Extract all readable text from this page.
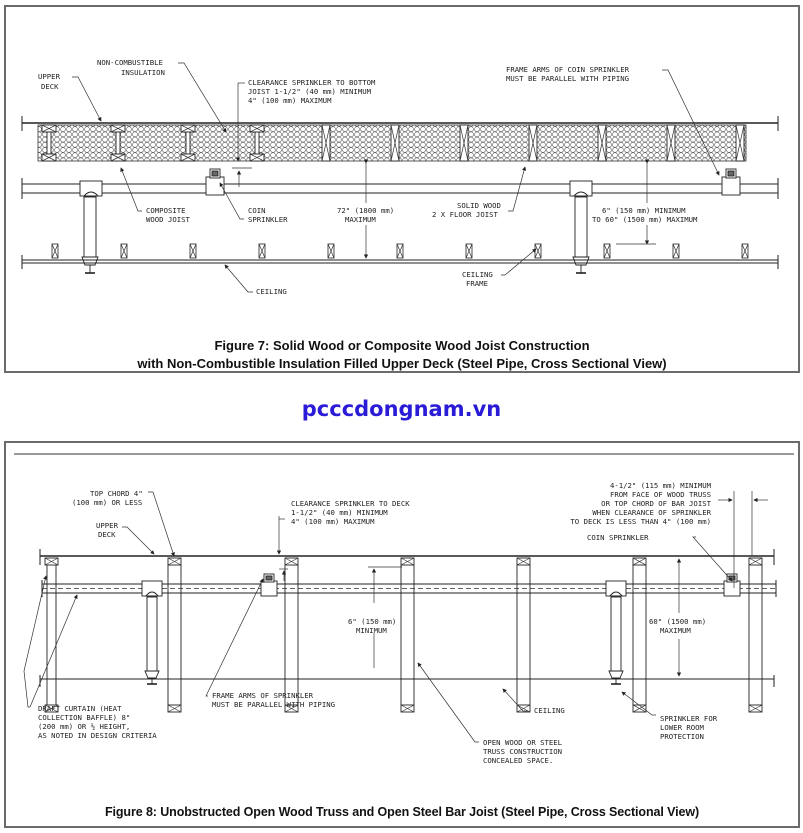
UPPER
DECK
NON-COMBUSTIBLE
INSULATION
CLEARANCE SPRINKLER TO BOTTOM
JOIST 1-1/2" (40 mm) MINIMUM
4" (100 mm) MAXIMUM
FRAME ARMS OF COIN SPRINKLER
MUST BE PARALLEL WITH PIPING
COMPOSITE
WOOD JOIST
COIN
SPRINKLER
72" (1800 mm)
MAXIMUM
SOLID WOOD
2 X FLOOR JOIST	6" (150 mm) MINIMUM
TO 60" (1500 mm) MAXIMUM
CEILING
FRAME
CEILING
Figure 7: Solid Wood or Composite Wood Joist Construction
with Non-Combustible Insulation Filled Upper Deck (Steel Pipe, Cross Sectional View)
pcccdongnam.vn
TOP CHORD 4"
(100 mm) OR LESS
UPPER
DECK
CLEARANCE SPRINKLER TO DECK
1-1/2" (40 mm) MINIMUM
4" (100 mm) MAXIMUM
4-1/2" (115 mm) MINIMUM
FROM FACE OF WOOD TRUSS
OR TOP CHORD OF BAR JOIST
WHEN CLEARANCE OF SPRINKLER
TO DECK IS LESS THAN 4" (100 mm)
COIN SPRINKLER
6" (150 mm)
MINIMUM
60" (1500 mm)
MAXIMUM
DRAFT CURTAIN (HEAT
COLLECTION BAFFLE) 8"
(200 mm) OR ½ HEIGHT,
AS NOTED IN DESIGN CRITERIA
FRAME ARMS OF SPRINKLER
MUST BE PARALLEL WITH PIPING
CEILING
SPRINKLER FOR
LOWER ROOM
PROTECTION
OPEN WOOD OR STEEL
TRUSS CONSTRUCTION
CONCEALED SPACE.
Figure 8: Unobstructed Open Wood Truss and Open Steel Bar Joist (Steel Pipe, Cross Sectional View)
